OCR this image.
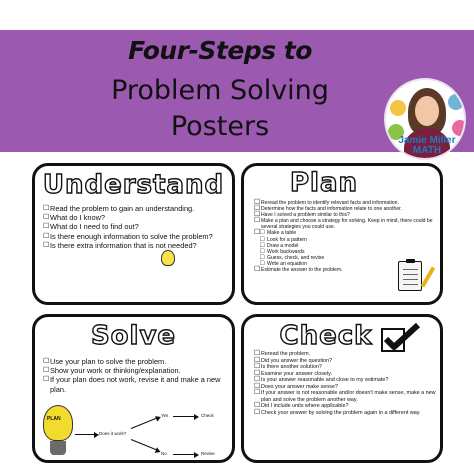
Four-Steps to
Problem Solving
Posters	Jamie Miller
MATH
Understand
☐ Read the problem to gain an understanding.
☐ What do I know?
☐ What do I need to find out?
☐ Is there enough information to solve the problem?
☐ Is there extra information that is not needed?
Plan
☐ Reread the problem to identify relevant facts and information.
☐ Determine how the facts and information relate to one another.
☐ Have I solved a problem similar to this?
☐ Make a plan and choose a strategy for solving. Keep in mind, there could be several strategies you could use.
□ ☐ Make a table
□ Look for a pattern
□ Draw a model
□ Work backwards
□ Guess, check, and revise
□ Write an equation
☐ Estimate the answer to the problem.
Solve
☐ Use your plan to solve the problem.
☐ Show your work or thinking/explanation.
☐ If your plan does not work, revise it and make a new plan.
PLAN
Does it work?
Yes
No
Check
Revise
Check
☐ Reread the problem.
☐ Did you answer the question?
☐ Is there another solution?
☐ Examine your answer closely.
☐ Is your answer reasonable and close to my estimate?
☐ Does your answer make sense?
☐ If your answer is not reasonable and/or doesn't make sense, make a new plan and solve the problem another way.
☐ Did I include units where applicable?
☐ Check your answer by solving the problem again in a different way.
